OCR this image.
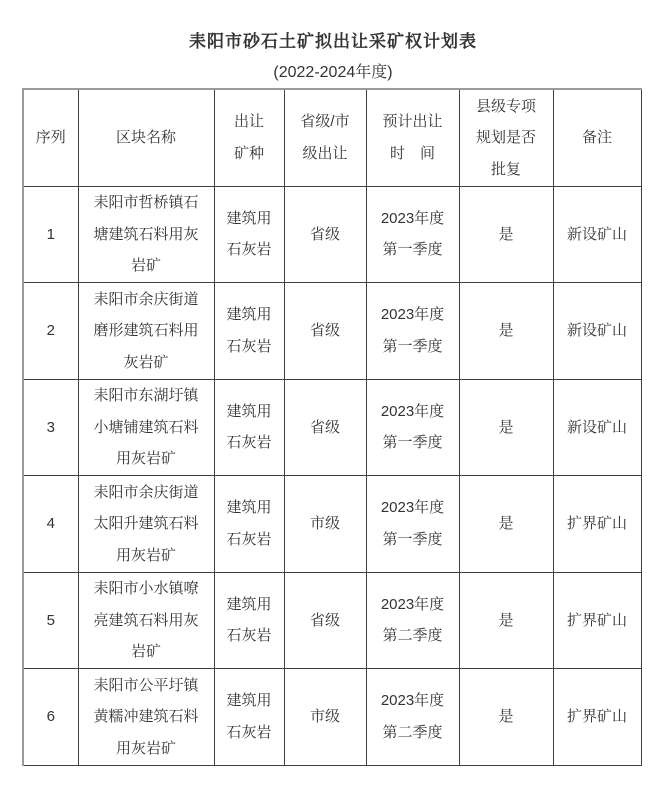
耒阳市砂石土矿拟出让采矿权计划表
(2022-2024年度)
序列	区块名称	出让
矿种	省级/市
级出让	预计出让
时　间	县级专项
规划是否
批复	备注
1	耒阳市哲桥镇石
塘建筑石料用灰
岩矿	建筑用
石灰岩	省级	2023年度
第一季度	是	新设矿山
2	耒阳市余庆街道
磨形建筑石料用
灰岩矿	建筑用
石灰岩	省级	2023年度
第一季度	是	新设矿山
3	耒阳市东湖圩镇
小塘铺建筑石料
用灰岩矿	建筑用
石灰岩	省级	2023年度
第一季度	是	新设矿山
4	耒阳市余庆街道
太阳升建筑石料
用灰岩矿	建筑用
石灰岩	市级	2023年度
第一季度	是	扩界矿山
5	耒阳市小水镇嘹
亮建筑石料用灰
岩矿	建筑用
石灰岩	省级	2023年度
第二季度	是	扩界矿山
6	耒阳市公平圩镇
黄糯冲建筑石料
用灰岩矿	建筑用
石灰岩	市级	2023年度
第二季度	是	扩界矿山
